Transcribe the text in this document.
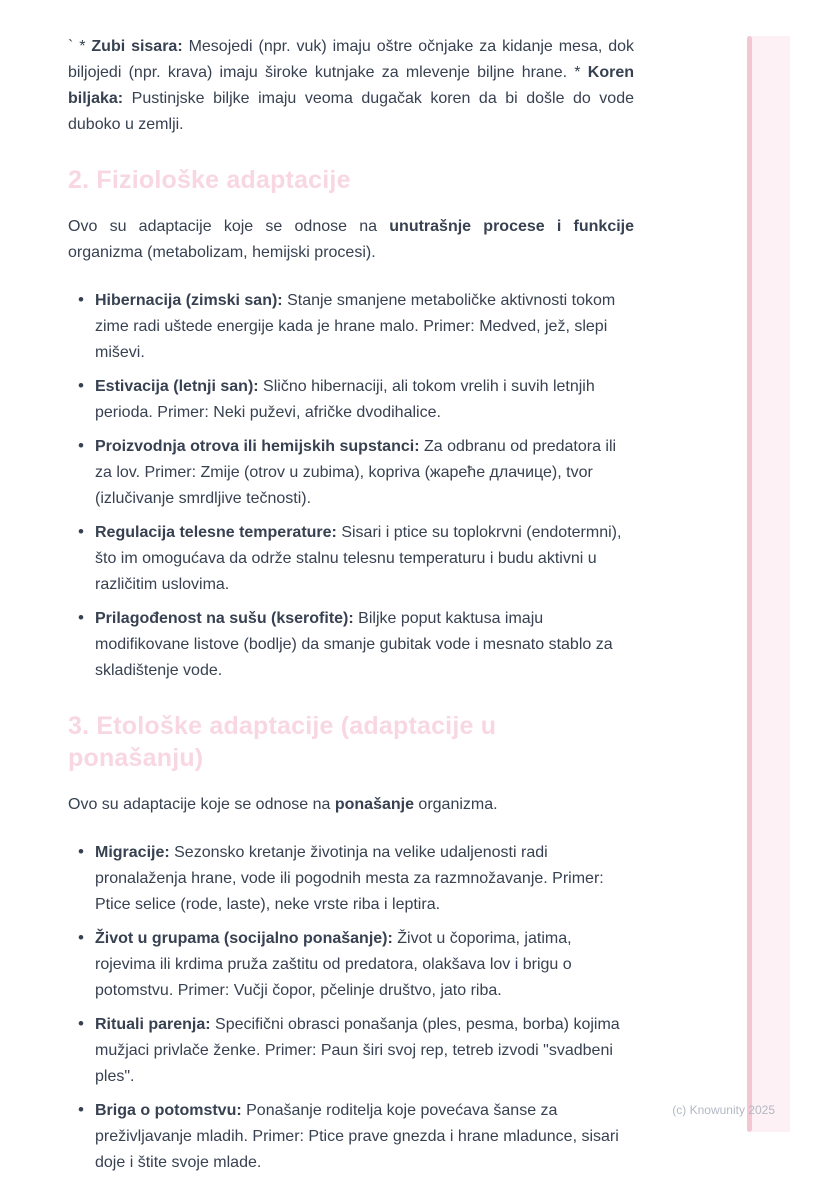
` * Zubi sisara: Mesojedi (npr. vuk) imaju oštre očnjake za kidanje mesa, dok biljojedi (npr. krava) imaju široke kutnjake za mlevenje biljne hrane. * Koren biljaka: Pustinjske biljke imaju veoma dugačak koren da bi došle do vode duboko u zemlji.

2. Fiziološke adaptacije

Ovo su adaptacije koje se odnose na unutrašnje procese i funkcije organizma (metabolizam, hemijski procesi).

• Hibernacija (zimski san): Stanje smanjene metaboličke aktivnosti tokom zime radi uštede energije kada je hrane malo. Primer: Medved, jež, slepi miševi.
• Estivacija (letnji san): Slično hibernaciji, ali tokom vrelih i suvih letnjih perioda. Primer: Neki puževi, afričke dvodihalice.
• Proizvodnja otrova ili hemijskih supstanci: Za odbranu od predatora ili za lov. Primer: Zmije (otrov u zubima), kopriva (жареће длачице), tvor (izlučivanje smrdljive tečnosti).
• Regulacija telesne temperature: Sisari i ptice su toplokrvni (endotermni), što im omogućava da održe stalnu telesnu temperaturu i budu aktivni u različitim uslovima.
• Prilagođenost na sušu (kserofite): Biljke poput kaktusa imaju modifikovane listove (bodlje) da smanje gubitak vode i mesnato stablo za skladištenje vode.
3. Etološke adaptacije (adaptacije u ponašanju)

Ovo su adaptacije koje se odnose na ponašanje organizma.

• Migracije: Sezonsko kretanje životinja na velike udaljenosti radi pronalaženja hrane, vode ili pogodnih mesta za razmnožavanje. Primer: Ptice selice (rode, laste), neke vrste riba i leptira.
• Život u grupama (socijalno ponašanje): Život u čoporima, jatima, rojevima ili krdima pruža zaštitu od predatora, olakšava lov i brigu o potomstvu. Primer: Vučji čopor, pčelinje društvo, jato riba.
• Rituali parenja: Specifični obrasci ponašanja (ples, pesma, borba) kojima mužjaci privlače ženke. Primer: Paun širi svoj rep, tetreb izvodi "svadbeni ples".
• Briga o potomstvu: Ponašanje roditelja koje povećava šanse za preživljavanje mladih. Primer: Ptice prave gnezda i hrane mladunce, sisari doje i štite svoje mlade.
(c) Knowunity 2025
